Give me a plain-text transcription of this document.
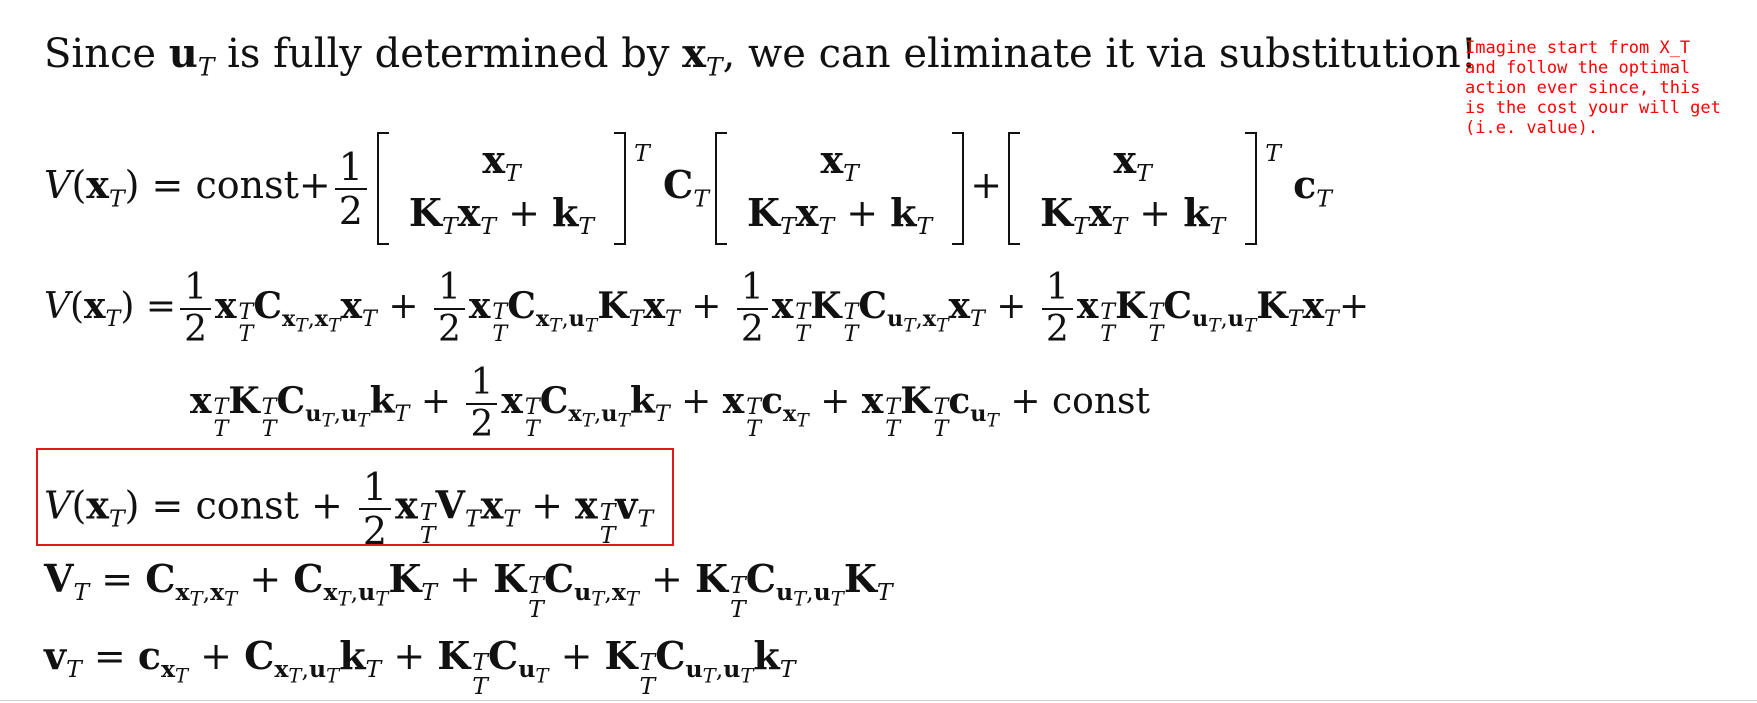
Since $u_T$ is fully determined by $x_T$, we can eliminate it via substitution!
Imagine start from X_T
and follow the optimal
action ever since, this
is the cost your will get
(i.e. value).
$V(x_T)$ = const+ $\frac{1}{2}$	$x_T$
$K_Tx_T + k_T$
$^T$ $C_T$
$x_T$
$K_Tx_T + k_T$
+
$x_T$
$K_Tx_T + k_T$
$^T$ $c_T$
$V(x_T) = \frac{1}{2}$ x T
T
$C_{x_T,x_T}x_T + \frac{1}{2}$ x T
T
$C_{x_T,u_T}K_Tx_T + \frac{1}{2}$ x T
T
K T
T
$C_{u_T,x_T}x_T + \frac{1}{2}$ x T
T
K T
T
$C_{u_T,u_T}K_Tx_T+$
x T
T
K T
T
$C_{u_T,u_T}k_T + \frac{1}{2}$ x T
T
$C_{x_T,u_T}k_T + x$ T
T
$c_{x_T} + x$ T
T
K T
T
$c_{u_T}$ + const
$V(x_T)$ = const + $\frac{1}{2}$ x T
T
$V_Tx_T + x$ T
T
$v_T$
$V_T = C_{x_T,x_T} + C_{x_T,u_T}K_T + K$ T
T
$C_{u_T,x_T} + K$ T
T
$C_{u_T,u_T}K_T$
$v_T = c_{x_T} + C_{x_T,u_T}k_T + K$ T
T
$C_{u_T} + K$ T
T
$C_{u_T,u_T}k_T$
